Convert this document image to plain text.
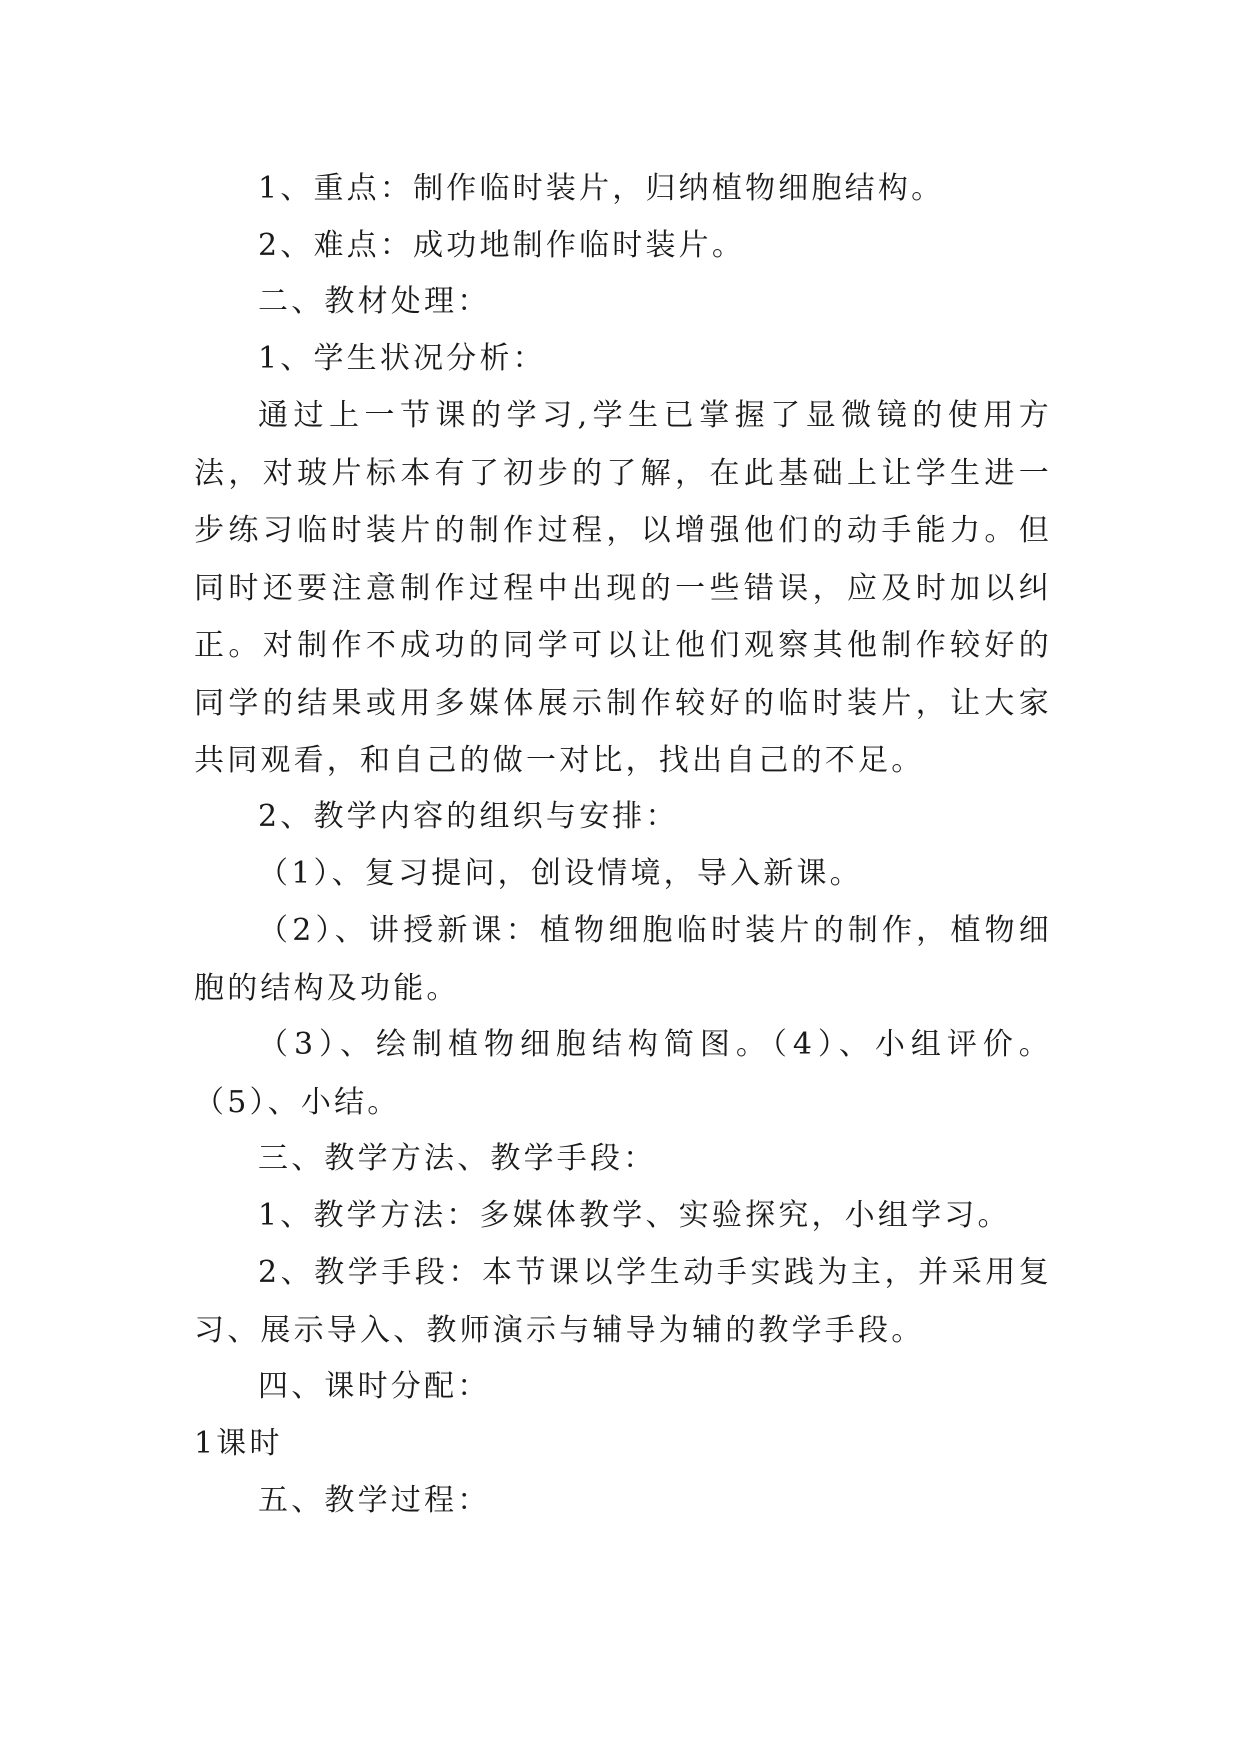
1、重点：制作临时装片，归纳植物细胞结构。

2、难点：成功地制作临时装片。

二、教材处理：

1、学生状况分析：

通过上一节课的学习,学生已掌握了显微镜的使用方法，对玻片标本有了初步的了解，在此基础上让学生进一步练习临时装片的制作过程，以增强他们的动手能力。但同时还要注意制作过程中出现的一些错误，应及时加以纠正。对制作不成功的同学可以让他们观察其他制作较好的同学的结果或用多媒体展示制作较好的临时装片，让大家共同观看，和自己的做一对比，找出自己的不足。

2、教学内容的组织与安排：

（1）、复习提问，创设情境，导入新课。

（2）、讲授新课：植物细胞临时装片的制作，植物细胞的结构及功能。

（3）、绘制植物细胞结构简图。（4）、小组评价。（5）、小结。

三、教学方法、教学手段：

1、教学方法：多媒体教学、实验探究，小组学习。

2、教学手段：本节课以学生动手实践为主，并采用复习、展示导入、教师演示与辅导为辅的教学手段。

四、课时分配：

1课时

五、教学过程：
